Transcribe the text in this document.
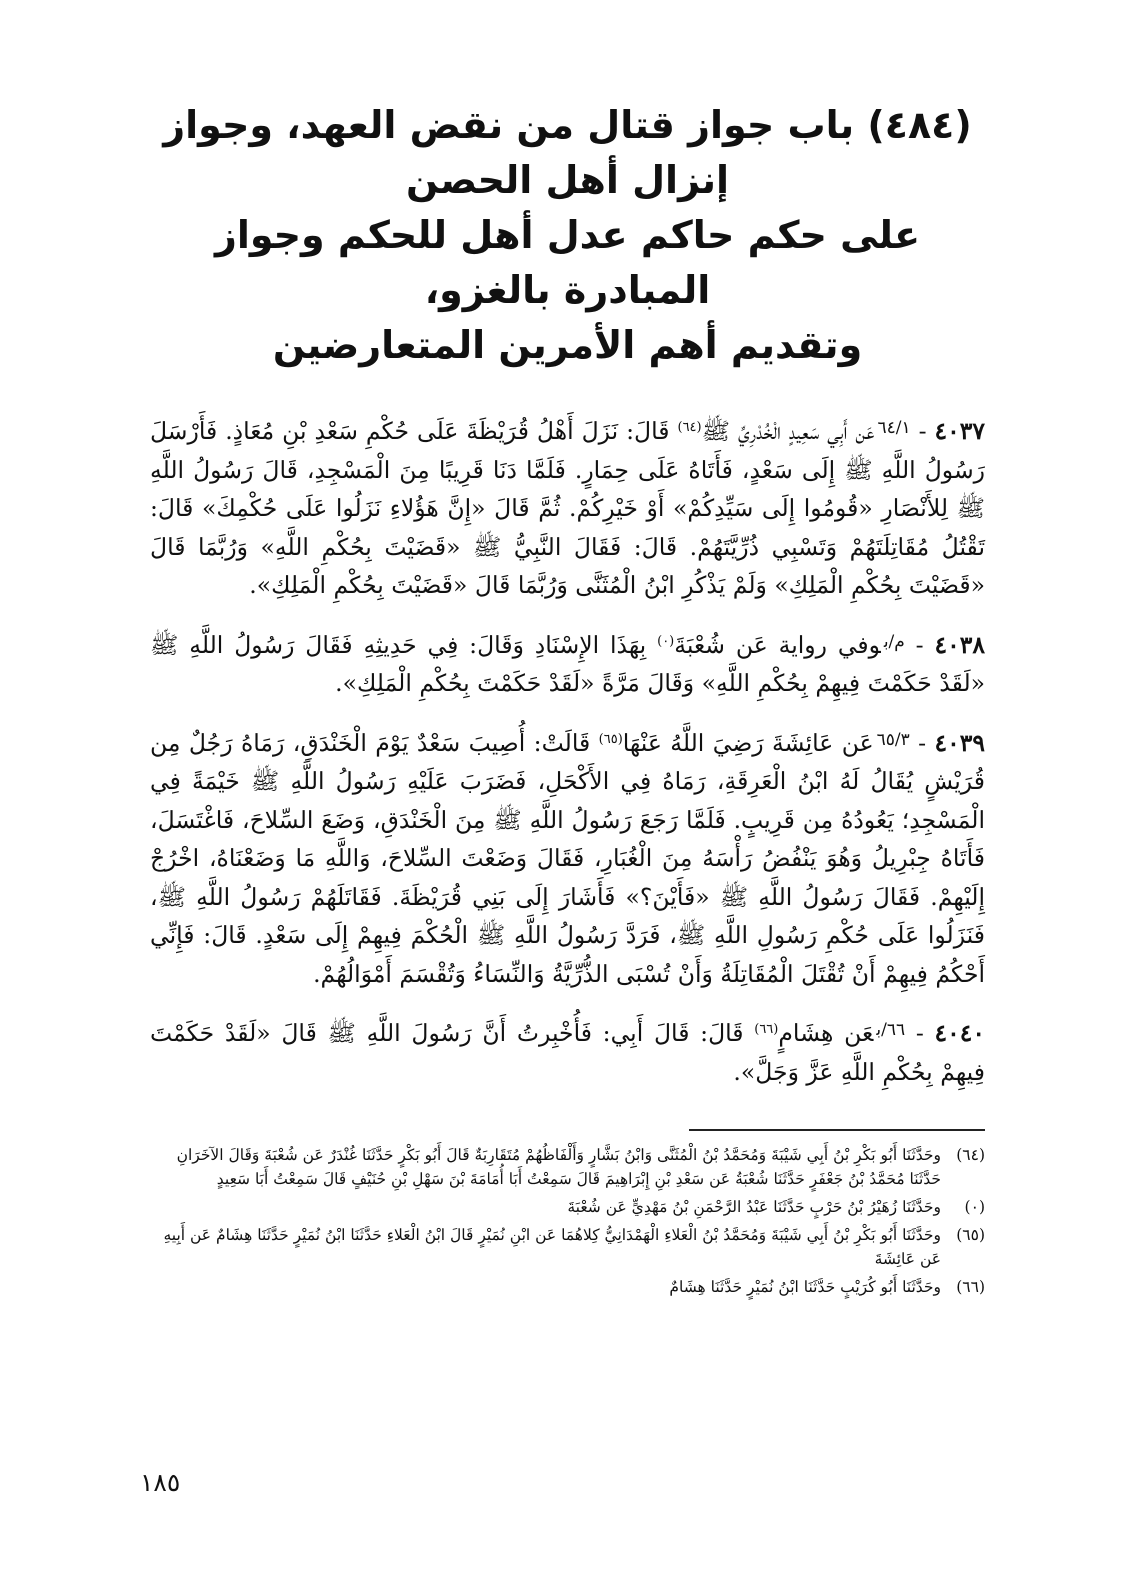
(٤٨٤) باب جواز قتال من نقض العهد، وجواز إنزال أهل الحصن
على حكم حاكم عدل أهل للحكم وجواز المبادرة بالغزو،
وتقديم أهم الأمرين المتعارضين

٤٠٣٧ - $^{٦٤/١}$عَن أَبِي سَعِيدٍ الْخُدْرِيِّ ﷺ$^{(٦٤)}$ قَالَ: نَزَلَ أَهْلُ قُرَيْظَةَ عَلَى حُكْمِ سَعْدِ بْنِ مُعَاذٍ. فَأَرْسَلَ رَسُولُ اللَّهِ ﷺ إِلَى سَعْدٍ، فَأَتَاهُ عَلَى حِمَارٍ. فَلَمَّا دَنَا قَرِيبًا مِنَ الْمَسْجِدِ، قَالَ رَسُولُ اللَّهِ ﷺ لِلأَنْصَارِ «قُومُوا إِلَى سَيِّدِكُمْ» أَوْ خَيْرِكُمْ. ثُمَّ قَالَ «إِنَّ هَؤُلاءِ نَزَلُوا عَلَى حُكْمِكَ» قَالَ: تَقْتُلُ مُقَاتِلَتَهُمْ وَتَسْبِي ذُرِّيَّتَهُمْ. قَالَ: فَقَالَ النَّبِيُّ ﷺ «قَضَيْتَ بِحُكْمِ اللَّهِ» وَرُبَّمَا قَالَ «قَضَيْتَ بِحُكْمِ الْمَلِكِ» وَلَمْ يَذْكُرِ ابْنُ الْمُثَنَّى وَرُبَّمَا قَالَ «قَضَيْتَ بِحُكْمِ الْمَلِكِ».

٤٠٣٨ - $^{م/ب}$وفي رواية عَن شُعْبَةَ$^{(٠)}$ بِهَذَا الإِسْنَادِ وَقَالَ: فِي حَدِيثِهِ فَقَالَ رَسُولُ اللَّهِ ﷺ «لَقَدْ حَكَمْتَ فِيهِمْ بِحُكْمِ اللَّهِ» وَقَالَ مَرَّةً «لَقَدْ حَكَمْتَ بِحُكْمِ الْمَلِكِ».

٤٠٣٩ - $^{٦٥/٣}$عَن عَائِشَةَ رَضِيَ اللَّهُ عَنْهَا$^{(٦٥)}$ قَالَتْ: أُصِيبَ سَعْدٌ يَوْمَ الْخَنْدَقِ، رَمَاهُ رَجُلٌ مِن قُرَيْشٍ يُقَالُ لَهُ ابْنُ الْعَرِقَةِ، رَمَاهُ فِي الأَكْحَلِ، فَضَرَبَ عَلَيْهِ رَسُولُ اللَّهِ ﷺ خَيْمَةً فِي الْمَسْجِدِ؛ يَعُودُهُ مِن قَرِيبٍ. فَلَمَّا رَجَعَ رَسُولُ اللَّهِ ﷺ مِنَ الْخَنْدَقِ، وَضَعَ السِّلاحَ، فَاغْتَسَلَ، فَأَتَاهُ جِبْرِيلُ وَهُوَ يَنْفُضُ رَأْسَهُ مِنَ الْغُبَارِ، فَقَالَ وَضَعْتَ السِّلاحَ، وَاللَّهِ مَا وَضَعْنَاهُ، اخْرُجْ إِلَيْهِمْ. فَقَالَ رَسُولُ اللَّهِ ﷺ «فَأَيْنَ؟» فَأَشَارَ إِلَى بَنِي قُرَيْظَةَ. فَقَاتَلَهُمْ رَسُولُ اللَّهِ ﷺ، فَنَزَلُوا عَلَى حُكْمِ رَسُولِ اللَّهِ ﷺ، فَرَدَّ رَسُولُ اللَّهِ ﷺ الْحُكْمَ فِيهِمْ إِلَى سَعْدٍ. قَالَ: فَإِنِّي أَحْكُمُ فِيهِمْ أَنْ تُقْتَلَ الْمُقَاتِلَةُ وَأَنْ تُسْبَى الذُّرِّيَّةُ وَالنِّسَاءُ وَتُقْسَمَ أَمْوَالُهُمْ.

٤٠٤٠ - $^{٦٦/ب}$عَن هِشَامٍ$^{(٦٦)}$ قَالَ: قَالَ أَبِي: فَأُخْبِرتُ أَنَّ رَسُولَ اللَّهِ ﷺ قَالَ «لَقَدْ حَكَمْتَ فِيهِمْ بِحُكْمِ اللَّهِ عَزَّ وَجَلَّ».

(٦٤)
وحَدَّثَنَا أَبُو بَكْرِ بْنُ أَبِي شَيْبَةَ وَمُحَمَّدُ بْنُ الْمُثَنَّى وَابْنُ بَشَّارٍ وَأَلْفَاظُهُمْ مُتَقَارِبَةٌ قَالَ أَبُو بَكْرٍ حَدَّثَنَا غُنْدَرٌ عَن شُعْبَةَ وَقَالَ الآخَرَانِ حَدَّثَنَا مُحَمَّدُ بْنُ جَعْفَرٍ حَدَّثَنَا شُعْبَةُ عَن سَعْدِ بْنِ إِبْرَاهِيمَ قَالَ سَمِعْتُ أَبَا أُمَامَةَ بْنَ سَهْلِ بْنِ حُنَيْفٍ قَالَ سَمِعْتُ أَبَا سَعِيدٍ
(٠)
وحَدَّثَنَا زُهَيْرُ بْنُ حَرْبٍ حَدَّثَنَا عَبْدُ الرَّحْمَنِ بْنُ مَهْدِيٍّ عَن شُعْبَةَ
(٦٥)
وحَدَّثَنَا أَبُو بَكْرِ بْنُ أَبِي شَيْبَةَ وَمُحَمَّدُ بْنُ الْعَلاءِ الْهَمْدَانِيُّ كِلاهُمَا عَن ابْنِ نُمَيْرٍ قَالَ ابْنُ الْعَلاءِ حَدَّثَنَا ابْنُ نُمَيْرٍ حَدَّثَنَا هِشَامٌ عَن أَبِيهِ عَن عَائِشَةَ
(٦٦)
وحَدَّثَنَا أَبُو كُرَيْبٍ حَدَّثَنَا ابْنُ نُمَيْرٍ حَدَّثَنَا هِشَامٌ
١٨٥
